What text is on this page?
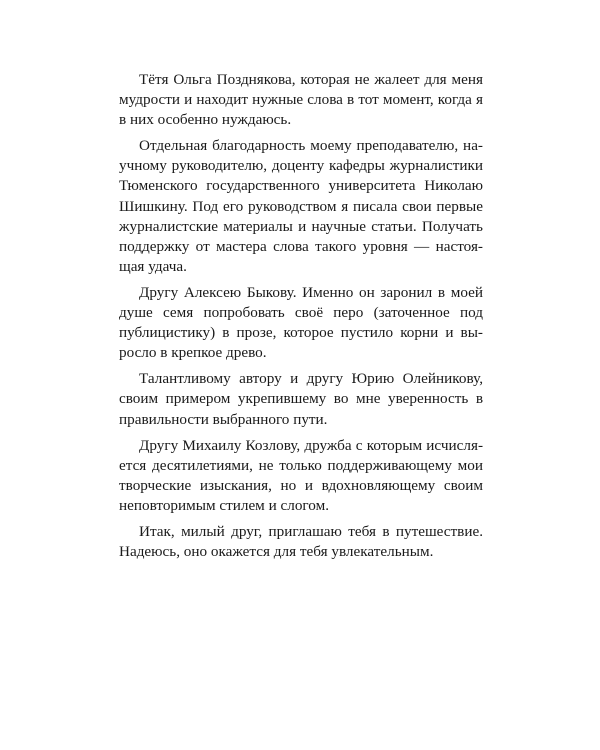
Тётя Ольга Позднякова, которая не жалеет для меня
мудрости и находит нужные слова в тот момент, когда я
в них особенно нуждаюсь.

Отдельная благодарность моему преподавателю, на-
учному руководителю, доценту кафедры журналистики
Тюменского государственного университета Николаю
Шишкину. Под его руководством я писала свои первые
журналистские материалы и научные статьи. Получать
поддержку от мастера слова такого уровня — настоя-
щая удача.

Другу Алексею Быкову. Именно он заронил в моей
душе семя попробовать своё перо (заточенное под
публицистику) в прозе, которое пустило корни и вы-
росло в крепкое древо.

Талантливому автору и другу Юрию Олейникову,
своим примером укрепившему во мне уверенность в
правильности выбранного пути.

Другу Михаилу Козлову, дружба с которым исчисля-
ется десятилетиями, не только поддерживающему мои
творческие изыскания, но и вдохновляющему своим
неповторимым стилем и слогом.

Итак, милый друг, приглашаю тебя в путешествие.
Надеюсь, оно окажется для тебя увлекательным.
